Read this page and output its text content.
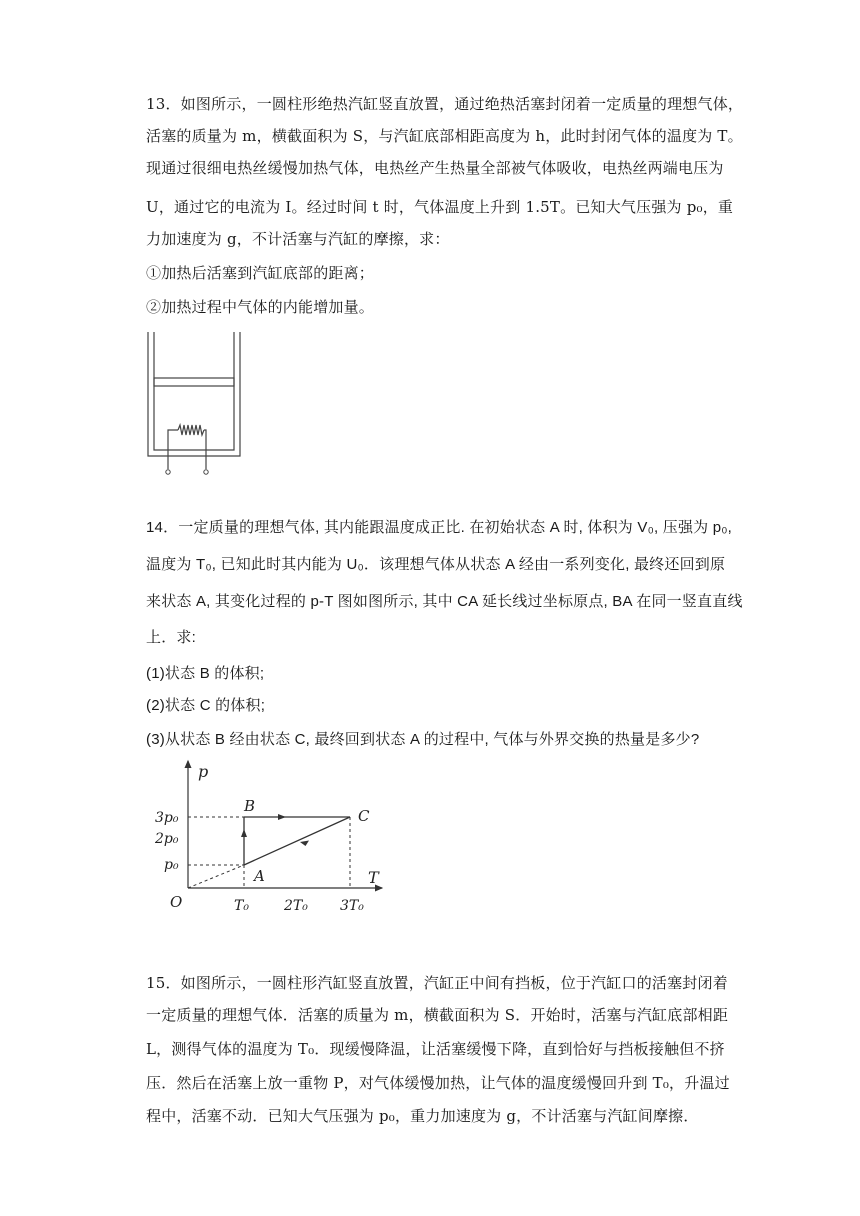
13．如图所示，一圆柱形绝热汽缸竖直放置，通过绝热活塞封闭着一定质量的理想气体，
活塞的质量为 m，横截面积为 S，与汽缸底部相距高度为 h，此时封闭气体的温度为 T。
现通过很细电热丝缓慢加热气体，电热丝产生热量全部被气体吸收，电热丝两端电压为
U，通过它的电流为 I。经过时间 t 时，气体温度上升到 1.5T。已知大气压强为 p₀，重
力加速度为 g，不计活塞与汽缸的摩擦，求：
①加热后活塞到汽缸底部的距离；
②加热过程中气体的内能增加量。
14．一定质量的理想气体, 其内能跟温度成正比. 在初始状态 A 时, 体积为 V₀, 压强为 p₀,
温度为 T₀, 已知此时其内能为 U₀．该理想气体从状态 A 经由一系列变化, 最终还回到原
来状态 A, 其变化过程的 p-T 图如图所示, 其中 CA 延长线过坐标原点, BA 在同一竖直直线
上．求:
(1)状态 B 的体积;
(2)状态 C 的体积;
(3)从状态 B 经由状态 C, 最终回到状态 A 的过程中, 气体与外界交换的热量是多少?
p
T
O
3p₀
2p₀
p₀
T₀	2T₀ 3T₀
B
C
A
15．如图所示，一圆柱形汽缸竖直放置，汽缸正中间有挡板，位于汽缸口的活塞封闭着
一定质量的理想气体．活塞的质量为 m，横截面积为 S．开始时，活塞与汽缸底部相距
L，测得气体的温度为 T₀．现缓慢降温，让活塞缓慢下降，直到恰好与挡板接触但不挤
压．然后在活塞上放一重物 P，对气体缓慢加热，让气体的温度缓慢回升到 T₀，升温过
程中，活塞不动．已知大气压强为 p₀，重力加速度为 g，不计活塞与汽缸间摩擦．
